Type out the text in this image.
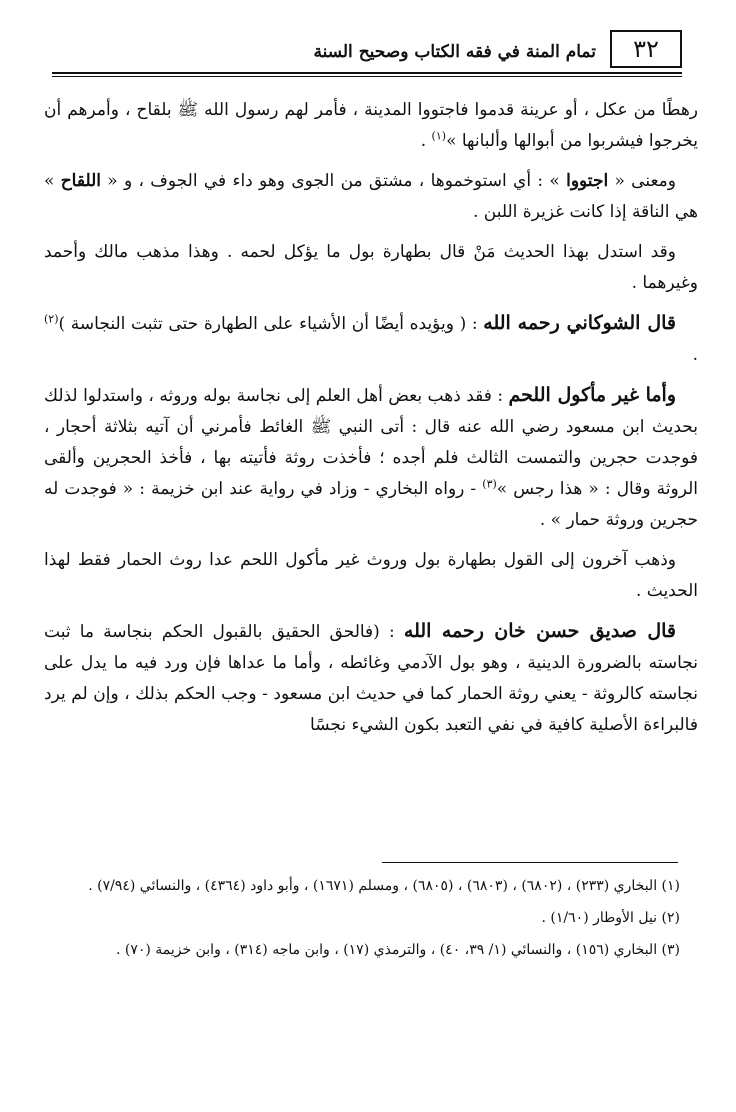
٣٢
تمام المنة في فقه الكتاب وصحيح السنة

رهطًا من عكل ، أو عرينة قدموا فاجتووا المدينة ، فأمر لهم رسول الله ﷺ بلقاح ، وأمرهم أن يخرجوا فيشربوا من أبوالها وألبانها »$^{(١)}$ .

ومعنى « اجتووا » : أي استوخموها ، مشتق من الجوى وهو داء في الجوف ، و « اللقاح » هي الناقة إذا كانت غزيرة اللبن .

وقد استدل بهذا الحديث مَنْ قال بطهارة بول ما يؤكل لحمه . وهذا مذهب مالك وأحمد وغيرهما .

قال الشوكاني رحمه الله : ( ويؤيده أيضًا أن الأشياء على الطهارة حتى تثبت النجاسة )$^{(٢)}$ .

وأما غير مأكول اللحم : فقد ذهب بعض أهل العلم إلى نجاسة بوله وروثه ، واستدلوا لذلك بحديث ابن مسعود رضي الله عنه قال : أتى النبي ﷺ الغائط فأمرني أن آتيه بثلاثة أحجار ، فوجدت حجرين والتمست الثالث فلم أجده ؛ فأخذت روثة فأتيته بها ، فأخذ الحجرين وألقى الروثة وقال : « هذا رجس »$^{(٣)}$ - رواه البخاري - وزاد في رواية عند ابن خزيمة : « فوجدت له حجرين وروثة حمار » .

وذهب آخرون إلى القول بطهارة بول وروث غير مأكول اللحم عدا روث الحمار فقط لهذا الحديث .

قال صديق حسن خان رحمه الله : (فالحق الحقيق بالقبول الحكم بنجاسة ما ثبت نجاسته بالضرورة الدينية ، وهو بول الآدمي وغائطه ، وأما ما عداها فإن ورد فيه ما يدل على نجاسته كالروثة - يعني روثة الحمار كما في حديث ابن مسعود - وجب الحكم بذلك ، وإن لم يرد فالبراءة الأصلية كافية في نفي التعبد بكون الشيء نجسًا

(١) البخاري (٢٣٣) ، (٦٨٠٢) ، (٦٨٠٣) ، (٦٨٠٥) ، ومسلم (١٦٧١) ، وأبو داود (٤٣٦٤) ، والنسائي (٧/٩٤) .

(٢) نيل الأوطار (١/٦٠) .

(٣) البخاري (١٥٦) ، والنسائي (١/ ٣٩، ٤٠) ، والترمذي (١٧) ، وابن ماجه (٣١٤) ، وابن خزيمة (٧٠) .
